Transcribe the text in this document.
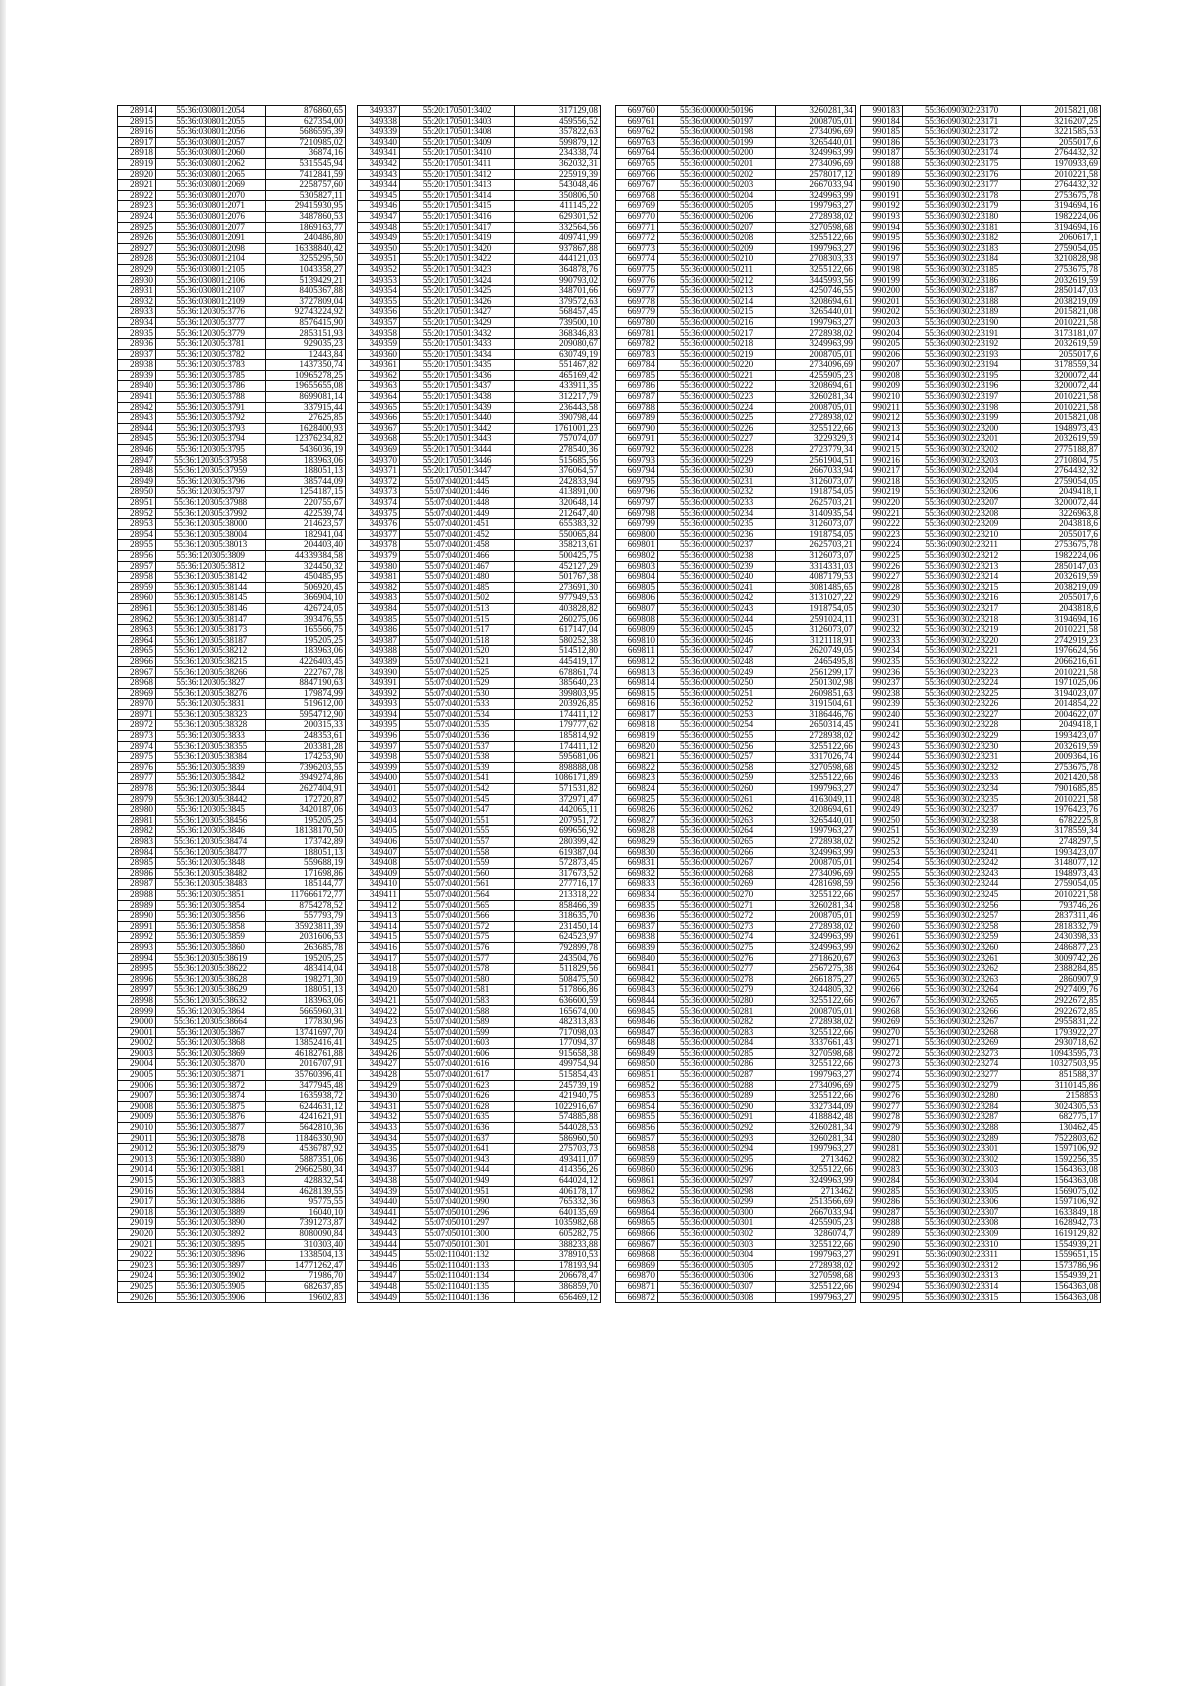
28914	55:36:030801:2054	876860,65
28915	55:36:030801:2055	627354,00
28916	55:36:030801:2056	5686595,39
28917	55:36:030801:2057	7210985,02
28918	55:36:030801:2060	36874,16
28919	55:36:030801:2062	5315545,94
28920	55:36:030801:2065	7412841,59
28921	55:36:030801:2069	2258757,60
28922	55:36:030801:2070	5305827,11
28923	55:36:030801:2071	29415930,95
28924	55:36:030801:2076	3487860,53
28925	55:36:030801:2077	1869163,77
28926	55:36:030801:2091	240486,80
28927	55:36:030801:2098	16338840,42
28928	55:36:030801:2104	3255295,50
28929	55:36:030801:2105	1043358,27
28930	55:36:030801:2106	5139429,21
28931	55:36:030801:2107	8405367,88
28932	55:36:030801:2109	3727809,04
28933	55:36:120305:3776	92743224,92
28934	55:36:120305:3777	8576415,90
28935	55:36:120305:3779	2853151,93
28936	55:36:120305:3781	929035,23
28937	55:36:120305:3782	12443,84
28938	55:36:120305:3783	1437350,74
28939	55:36:120305:3785	10965278,25
28940	55:36:120305:3786	19655655,08
28941	55:36:120305:3788	8699081,14
28942	55:36:120305:3791	337915,44
28943	55:36:120305:3792	27625,85
28944	55:36:120305:3793	1628400,93
28945	55:36:120305:3794	12376234,82
28946	55:36:120305:3795	5436036,19
28947	55:36:120305:37958	183963,06
28948	55:36:120305:37959	188051,13
28949	55:36:120305:3796	385744,09
28950	55:36:120305:3797	1254187,15
28951	55:36:120305:37988	220755,67
28952	55:36:120305:37992	422539,74
28953	55:36:120305:38000	214623,57
28954	55:36:120305:38004	182941,04
28955	55:36:120305:38013	204403,40
28956	55:36:120305:3809	44339384,58
28957	55:36:120305:3812	324450,32
28958	55:36:120305:38142	450485,95
28959	55:36:120305:38144	506920,45
28960	55:36:120305:38145	366904,10
28961	55:36:120305:38146	426724,05
28962	55:36:120305:38147	393476,55
28963	55:36:120305:38173	165566,75
28964	55:36:120305:38187	195205,25
28965	55:36:120305:38212	183963,06
28966	55:36:120305:38215	4226403,45
28967	55:36:120305:38266	222767,78
28968	55:36:120305:3827	8847190,63
28969	55:36:120305:38276	179874,99
28970	55:36:120305:3831	519612,00
28971	55:36:120305:38323	5954712,90
28972	55:36:120305:38328	200315,33
28973	55:36:120305:3833	248353,61
28974	55:36:120305:38355	203381,28
28975	55:36:120305:38384	174253,90
28976	55:36:120305:3839	7396203,55
28977	55:36:120305:3842	3949274,86
28978	55:36:120305:3844	2627404,91
28979	55:36:120305:38442	172720,87
28980	55:36:120305:3845	3420187,06
28981	55:36:120305:38456	195205,25
28982	55:36:120305:3846	18138170,50
28983	55:36:120305:38474	173742,89
28984	55:36:120305:38477	188051,13
28985	55:36:120305:3848	559688,19
28986	55:36:120305:38482	171698,86
28987	55:36:120305:38483	185144,77
28988	55:36:120305:3851	117666172,77
28989	55:36:120305:3854	8754278,52
28990	55:36:120305:3856	557793,79
28991	55:36:120305:3858	35923811,39
28992	55:36:120305:3859	2031606,53
28993	55:36:120305:3860	263685,78
28994	55:36:120305:38619	195205,25
28995	55:36:120305:38622	483414,04
28996	55:36:120305:38628	198271,30
28997	55:36:120305:38629	188051,13
28998	55:36:120305:38632	183963,06
28999	55:36:120305:3864	5665960,31
29000	55:36:120305:38664	177830,96
29001	55:36:120305:3867	13741697,70
29002	55:36:120305:3868	13852416,41
29003	55:36:120305:3869	46182761,88
29004	55:36:120305:3870	2016707,91
29005	55:36:120305:3871	35760396,41
29006	55:36:120305:3872	3477945,48
29007	55:36:120305:3874	1635938,72
29008	55:36:120305:3875	6244631,12
29009	55:36:120305:3876	4241621,91
29010	55:36:120305:3877	5642810,36
29011	55:36:120305:3878	11846330,90
29012	55:36:120305:3879	4536787,92
29013	55:36:120305:3880	5887351,06
29014	55:36:120305:3881	29662580,34
29015	55:36:120305:3883	428832,54
29016	55:36:120305:3884	4628139,55
29017	55:36:120305:3886	95775,55
29018	55:36:120305:3889	16040,10
29019	55:36:120305:3890	7391273,87
29020	55:36:120305:3892	8080090,84
29021	55:36:120305:3895	310303,40
29022	55:36:120305:3896	1338504,13
29023	55:36:120305:3897	14771262,47
29024	55:36:120305:3902	71986,70
29025	55:36:120305:3905	682637,85
29026	55:36:120305:3906	19602,83
349337	55:20:170501:3402	317129,08
349338	55:20:170501:3403	459556,52
349339	55:20:170501:3408	357822,63
349340	55:20:170501:3409	599879,12
349341	55:20:170501:3410	234338,74
349342	55:20:170501:3411	362032,31
349343	55:20:170501:3412	225919,39
349344	55:20:170501:3413	543048,46
349345	55:20:170501:3414	350806,50
349346	55:20:170501:3415	411145,22
349347	55:20:170501:3416	629301,52
349348	55:20:170501:3417	332564,56
349349	55:20:170501:3419	409741,99
349350	55:20:170501:3420	937867,88
349351	55:20:170501:3422	444121,03
349352	55:20:170501:3423	364878,76
349353	55:20:170501:3424	990793,02
349354	55:20:170501:3425	348701,66
349355	55:20:170501:3426	379572,63
349356	55:20:170501:3427	568457,45
349357	55:20:170501:3429	739500,10
349358	55:20:170501:3432	368346,83
349359	55:20:170501:3433	209080,67
349360	55:20:170501:3434	630749,19
349361	55:20:170501:3435	551467,82
349362	55:20:170501:3436	465169,42
349363	55:20:170501:3437	433911,35
349364	55:20:170501:3438	312217,79
349365	55:20:170501:3439	236443,58
349366	55:20:170501:3440	390798,44
349367	55:20:170501:3442	1761001,23
349368	55:20:170501:3443	757074,07
349369	55:20:170501:3444	278540,36
349370	55:20:170501:3446	515685,56
349371	55:20:170501:3447	376064,57
349372	55:07:040201:445	242833,94
349373	55:07:040201:446	413891,00
349374	55:07:040201:448	320648,14
349375	55:07:040201:449	212647,40
349376	55:07:040201:451	655383,32
349377	55:07:040201:452	550065,84
349378	55:07:040201:458	358213,61
349379	55:07:040201:466	500425,75
349380	55:07:040201:467	452127,29
349381	55:07:040201:480	501767,38
349382	55:07:040201:485	273691,30
349383	55:07:040201:502	977949,53
349384	55:07:040201:513	403828,82
349385	55:07:040201:515	260275,06
349386	55:07:040201:517	617147,04
349387	55:07:040201:518	580252,38
349388	55:07:040201:520	514512,80
349389	55:07:040201:521	445419,17
349390	55:07:040201:525	678861,74
349391	55:07:040201:529	385640,23
349392	55:07:040201:530	399803,95
349393	55:07:040201:533	203926,85
349394	55:07:040201:534	174411,12
349395	55:07:040201:535	179777,62
349396	55:07:040201:536	185814,92
349397	55:07:040201:537	174411,12
349398	55:07:040201:538	595681,06
349399	55:07:040201:539	898888,08
349400	55:07:040201:541	1086171,89
349401	55:07:040201:542	571531,82
349402	55:07:040201:545	372971,47
349403	55:07:040201:547	442065,11
349404	55:07:040201:551	207951,72
349405	55:07:040201:555	699656,92
349406	55:07:040201:557	280399,42
349407	55:07:040201:558	619387,04
349408	55:07:040201:559	572873,45
349409	55:07:040201:560	317673,52
349410	55:07:040201:561	277716,17
349411	55:07:040201:564	213318,22
349412	55:07:040201:565	858466,39
349413	55:07:040201:566	318635,70
349414	55:07:040201:572	231450,14
349415	55:07:040201:575	624523,97
349416	55:07:040201:576	792899,78
349417	55:07:040201:577	243504,76
349418	55:07:040201:578	511829,56
349419	55:07:040201:580	508475,50
349420	55:07:040201:581	517866,86
349421	55:07:040201:583	636600,59
349422	55:07:040201:588	165674,00
349423	55:07:040201:589	482313,83
349424	55:07:040201:599	717098,03
349425	55:07:040201:603	177094,37
349426	55:07:040201:606	915658,38
349427	55:07:040201:616	499754,94
349428	55:07:040201:617	515854,43
349429	55:07:040201:623	245739,19
349430	55:07:040201:626	421940,75
349431	55:07:040201:628	1022916,67
349432	55:07:040201:635	574885,88
349433	55:07:040201:636	544028,53
349434	55:07:040201:637	586960,50
349435	55:07:040201:641	275703,73
349436	55:07:040201:943	493411,07
349437	55:07:040201:944	414356,26
349438	55:07:040201:949	644024,12
349439	55:07:040201:951	406178,17
349440	55:07:040201:990	765332,36
349441	55:07:050101:296	640135,69
349442	55:07:050101:297	1035982,68
349443	55:07:050101:300	605282,75
349444	55:07:050101:301	388233,88
349445	55:02:110401:132	378910,53
349446	55:02:110401:133	178193,94
349447	55:02:110401:134	206678,47
349448	55:02:110401:135	386859,70
349449	55:02:110401:136	656469,12
669760	55:36:000000:50196	3260281,34
669761	55:36:000000:50197	2008705,01
669762	55:36:000000:50198	2734096,69
669763	55:36:000000:50199	3265440,01
669764	55:36:000000:50200	3249963,99
669765	55:36:000000:50201	2734096,69
669766	55:36:000000:50202	2578017,12
669767	55:36:000000:50203	2667033,94
669768	55:36:000000:50204	3249963,99
669769	55:36:000000:50205	1997963,27
669770	55:36:000000:50206	2728938,02
669771	55:36:000000:50207	3270598,68
669772	55:36:000000:50208	3255122,66
669773	55:36:000000:50209	1997963,27
669774	55:36:000000:50210	2708303,33
669775	55:36:000000:50211	3255122,66
669776	55:36:000000:50212	3445993,56
669777	55:36:000000:50213	4250746,55
669778	55:36:000000:50214	3208694,61
669779	55:36:000000:50215	3265440,01
669780	55:36:000000:50216	1997963,27
669781	55:36:000000:50217	2728938,02
669782	55:36:000000:50218	3249963,99
669783	55:36:000000:50219	2008705,01
669784	55:36:000000:50220	2734096,69
669785	55:36:000000:50221	4255905,23
669786	55:36:000000:50222	3208694,61
669787	55:36:000000:50223	3260281,34
669788	55:36:000000:50224	2008705,01
669789	55:36:000000:50225	2728938,02
669790	55:36:000000:50226	3255122,66
669791	55:36:000000:50227	3229329,3
669792	55:36:000000:50228	2723779,34
669793	55:36:000000:50229	2561904,51
669794	55:36:000000:50230	2667033,94
669795	55:36:000000:50231	3126073,07
669796	55:36:000000:50232	1918754,05
669797	55:36:000000:50233	2625703,21
669798	55:36:000000:50234	3140935,54
669799	55:36:000000:50235	3126073,07
669800	55:36:000000:50236	1918754,05
669801	55:36:000000:50237	2625703,21
669802	55:36:000000:50238	3126073,07
669803	55:36:000000:50239	3314331,03
669804	55:36:000000:50240	4087179,53
669805	55:36:000000:50241	3081485,65
669806	55:36:000000:50242	3131027,22
669807	55:36:000000:50243	1918754,05
669808	55:36:000000:50244	2591024,11
669809	55:36:000000:50245	3126073,07
669810	55:36:000000:50246	3121118,91
669811	55:36:000000:50247	2620749,05
669812	55:36:000000:50248	2465495,8
669813	55:36:000000:50249	2561299,17
669814	55:36:000000:50250	2501302,98
669815	55:36:000000:50251	2609851,63
669816	55:36:000000:50252	3191504,61
669817	55:36:000000:50253	3186446,76
669818	55:36:000000:50254	2650314,45
669819	55:36:000000:50255	2728938,02
669820	55:36:000000:50256	3255122,66
669821	55:36:000000:50257	3317026,74
669822	55:36:000000:50258	3270598,68
669823	55:36:000000:50259	3255122,66
669824	55:36:000000:50260	1997963,27
669825	55:36:000000:50261	4163049,11
669826	55:36:000000:50262	3208694,61
669827	55:36:000000:50263	3265440,01
669828	55:36:000000:50264	1997963,27
669829	55:36:000000:50265	2728938,02
669830	55:36:000000:50266	3249963,99
669831	55:36:000000:50267	2008705,01
669832	55:36:000000:50268	2734096,69
669833	55:36:000000:50269	4281698,59
669834	55:36:000000:50270	3255122,66
669835	55:36:000000:50271	3260281,34
669836	55:36:000000:50272	2008705,01
669837	55:36:000000:50273	2728938,02
669838	55:36:000000:50274	3249963,99
669839	55:36:000000:50275	3249963,99
669840	55:36:000000:50276	2718620,67
669841	55:36:000000:50277	2567275,38
669842	55:36:000000:50278	2661875,27
669843	55:36:000000:50279	3244805,32
669844	55:36:000000:50280	3255122,66
669845	55:36:000000:50281	2008705,01
669846	55:36:000000:50282	2728938,02
669847	55:36:000000:50283	3255122,66
669848	55:36:000000:50284	3337661,43
669849	55:36:000000:50285	3270598,68
669850	55:36:000000:50286	3255122,66
669851	55:36:000000:50287	1997963,27
669852	55:36:000000:50288	2734096,69
669853	55:36:000000:50289	3255122,66
669854	55:36:000000:50290	3327344,09
669855	55:36:000000:50291	4188842,48
669856	55:36:000000:50292	3260281,34
669857	55:36:000000:50293	3260281,34
669858	55:36:000000:50294	1997963,27
669859	55:36:000000:50295	2713462
669860	55:36:000000:50296	3255122,66
669861	55:36:000000:50297	3249963,99
669862	55:36:000000:50298	2713462
669863	55:36:000000:50299	2513566,69
669864	55:36:000000:50300	2667033,94
669865	55:36:000000:50301	4255905,23
669866	55:36:000000:50302	3286074,7
669867	55:36:000000:50303	3255122,66
669868	55:36:000000:50304	1997963,27
669869	55:36:000000:50305	2728938,02
669870	55:36:000000:50306	3270598,68
669871	55:36:000000:50307	3255122,66
669872	55:36:000000:50308	1997963,27
990183	55:36:090302:23170	2015821,08
990184	55:36:090302:23171	3216207,25
990185	55:36:090302:23172	3221585,53
990186	55:36:090302:23173	2055017,6
990187	55:36:090302:23174	2764432,32
990188	55:36:090302:23175	1970933,69
990189	55:36:090302:23176	2010221,58
990190	55:36:090302:23177	2764432,32
990191	55:36:090302:23178	2753675,78
990192	55:36:090302:23179	3194694,16
990193	55:36:090302:23180	1982224,06
990194	55:36:090302:23181	3194694,16
990195	55:36:090302:23182	2060617,1
990196	55:36:090302:23183	2759054,05
990197	55:36:090302:23184	3210828,98
990198	55:36:090302:23185	2753675,78
990199	55:36:090302:23186	2032619,59
990200	55:36:090302:23187	2850147,03
990201	55:36:090302:23188	2038219,09
990202	55:36:090302:23189	2015821,08
990203	55:36:090302:23190	2010221,58
990204	55:36:090302:23191	3173181,07
990205	55:36:090302:23192	2032619,59
990206	55:36:090302:23193	2055017,6
990207	55:36:090302:23194	3178559,34
990208	55:36:090302:23195	3200072,44
990209	55:36:090302:23196	3200072,44
990210	55:36:090302:23197	2010221,58
990211	55:36:090302:23198	2010221,58
990212	55:36:090302:23199	2015821,08
990213	55:36:090302:23200	1948973,43
990214	55:36:090302:23201	2032619,59
990215	55:36:090302:23202	2775188,87
990216	55:36:090302:23203	2710804,75
990217	55:36:090302:23204	2764432,32
990218	55:36:090302:23205	2759054,05
990219	55:36:090302:23206	2049418,1
990220	55:36:090302:23207	3200072,44
990221	55:36:090302:23208	3226963,8
990222	55:36:090302:23209	2043818,6
990223	55:36:090302:23210	2055017,6
990224	55:36:090302:23211	2753675,78
990225	55:36:090302:23212	1982224,06
990226	55:36:090302:23213	2850147,03
990227	55:36:090302:23214	2032619,59
990228	55:36:090302:23215	2038219,09
990229	55:36:090302:23216	2055017,6
990230	55:36:090302:23217	2043818,6
990231	55:36:090302:23218	3194694,16
990232	55:36:090302:23219	2010221,58
990233	55:36:090302:23220	2742919,23
990234	55:36:090302:23221	1976624,56
990235	55:36:090302:23222	2066216,61
990236	55:36:090302:23223	2010221,58
990237	55:36:090302:23224	1971025,06
990238	55:36:090302:23225	3194023,07
990239	55:36:090302:23226	2014854,22
990240	55:36:090302:23227	2004622,07
990241	55:36:090302:23228	2049418,1
990242	55:36:090302:23229	1993423,07
990243	55:36:090302:23230	2032619,59
990244	55:36:090302:23231	2009364,16
990245	55:36:090302:23232	2753675,78
990246	55:36:090302:23233	2021420,58
990247	55:36:090302:23234	7901685,85
990248	55:36:090302:23235	2010221,58
990249	55:36:090302:23237	1976423,76
990250	55:36:090302:23238	6782225,8
990251	55:36:090302:23239	3178559,34
990252	55:36:090302:23240	2748297,5
990253	55:36:090302:23241	1993423,07
990254	55:36:090302:23242	3148077,12
990255	55:36:090302:23243	1948973,43
990256	55:36:090302:23244	2759054,05
990257	55:36:090302:23245	2010221,58
990258	55:36:090302:23256	793746,26
990259	55:36:090302:23257	2837311,46
990260	55:36:090302:23258	2818332,79
990261	55:36:090302:23259	2430398,33
990262	55:36:090302:23260	2486877,23
990263	55:36:090302:23261	3009742,26
990264	55:36:090302:23262	2388284,85
990265	55:36:090302:23263	2860907,9
990266	55:36:090302:23264	2927409,76
990267	55:36:090302:23265	2922672,85
990268	55:36:090302:23266	2922672,85
990269	55:36:090302:23267	2955831,22
990270	55:36:090302:23268	1793922,27
990271	55:36:090302:23269	2930718,62
990272	55:36:090302:23273	10943595,73
990273	55:36:090302:23274	10327503,95
990274	55:36:090302:23277	851588,37
990275	55:36:090302:23279	3110145,86
990276	55:36:090302:23280	2158853
990277	55:36:090302:23284	3024305,53
990278	55:36:090302:23287	682775,17
990279	55:36:090302:23288	130462,45
990280	55:36:090302:23289	7522803,62
990281	55:36:090302:23301	1597106,92
990282	55:36:090302:23302	1592256,35
990283	55:36:090302:23303	1564363,08
990284	55:36:090302:23304	1564363,08
990285	55:36:090302:23305	1569075,02
990286	55:36:090302:23306	1597106,92
990287	55:36:090302:23307	1633849,18
990288	55:36:090302:23308	1628942,73
990289	55:36:090302:23309	1619129,82
990290	55:36:090302:23310	1554939,21
990291	55:36:090302:23311	1559651,15
990292	55:36:090302:23312	1573786,96
990293	55:36:090302:23313	1554939,21
990294	55:36:090302:23314	1564363,08
990295	55:36:090302:23315	1564363,08
